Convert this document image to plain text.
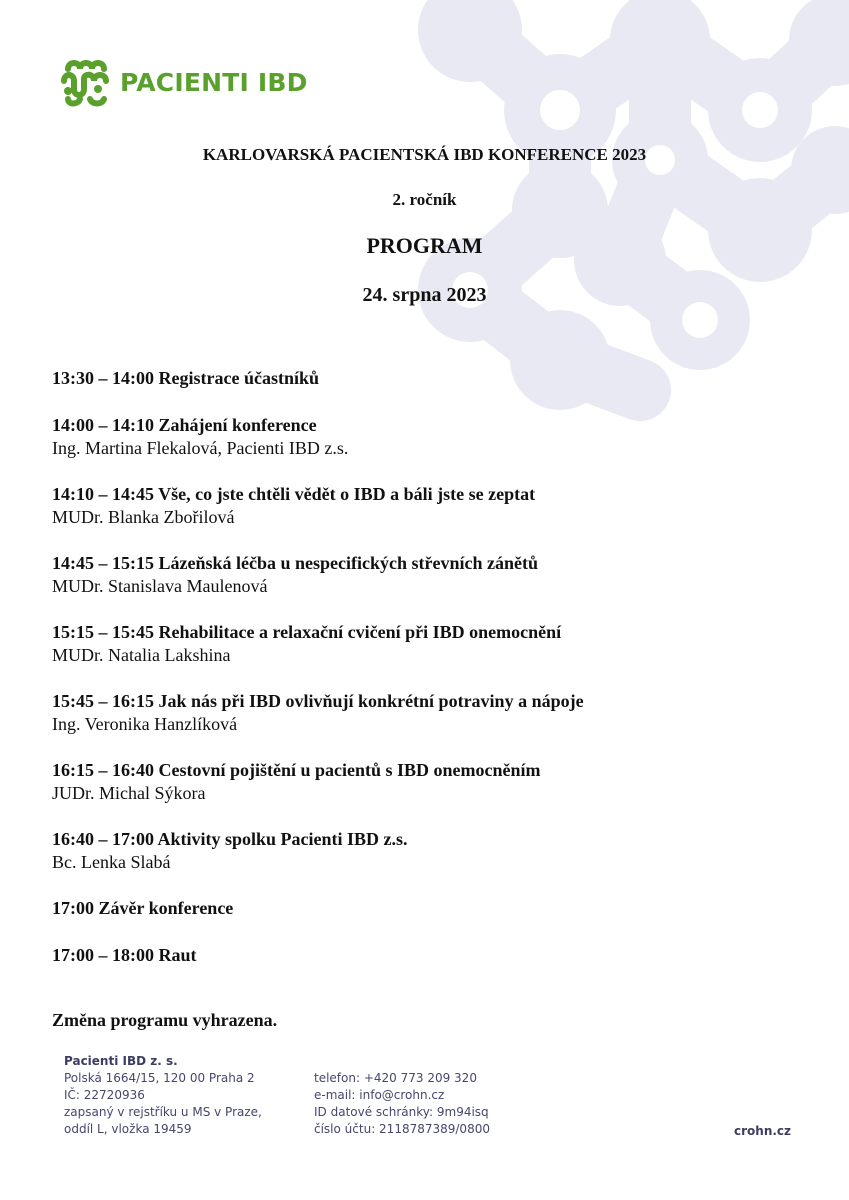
PACIENTI IBD
KARLOVARSKÁ PACIENTSKÁ IBD KONFERENCE 2023
2. ročník
PROGRAM
24. srpna 2023
13:30 – 14:00 Registrace účastníků
14:00 – 14:10 Zahájení konference
Ing. Martina Flekalová, Pacienti IBD z.s.
14:10 – 14:45 Vše, co jste chtěli vědět o IBD a báli jste se zeptat
MUDr. Blanka Zbořilová
14:45 – 15:15 Lázeňská léčba u nespecifických střevních zánětů
MUDr. Stanislava Maulenová
15:15 – 15:45 Rehabilitace a relaxační cvičení při IBD onemocnění
MUDr. Natalia Lakshina
15:45 – 16:15 Jak nás při IBD ovlivňují konkrétní potraviny a nápoje
Ing. Veronika Hanzlíková
16:15 – 16:40 Cestovní pojištění u pacientů s IBD onemocněním
JUDr. Michal Sýkora
16:40 – 17:00 Aktivity spolku Pacienti IBD z.s.
Bc. Lenka Slabá
17:00 Závěr konference
17:00 – 18:00 Raut
Změna programu vyhrazena.
Pacienti IBD z. s.
Polská 1664/15, 120 00 Praha 2
IČ: 22720936
zapsaný v rejstříku u MS v Praze,
oddíl L, vložka 19459
telefon: +420 773 209 320
e-mail: info@crohn.cz
ID datové schránky: 9m94isq
číslo účtu: 2118787389/0800	crohn.cz
